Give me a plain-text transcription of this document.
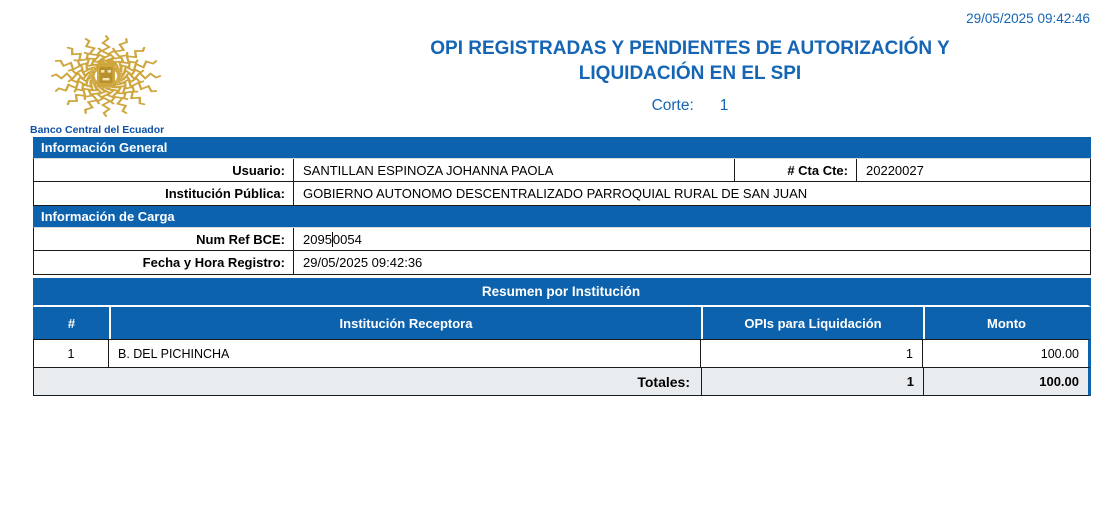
29/05/2025 09:42:46
Banco Central del Ecuador
OPI REGISTRADAS Y PENDIENTES DE AUTORIZACIÓN Y
LIQUIDACIÓN EN EL SPI
Corte: 1
Información General
Usuario:	SANTILLAN ESPINOZA JOHANNA PAOLA	# Cta Cte:	20220027
Institución Pública:	GOBIERNO AUTONOMO DESCENTRALIZADO PARROQUIAL RURAL DE SAN JUAN
Información de Carga
Num Ref BCE:	2095 0054
Fecha y Hora Registro:	29/05/2025 09:42:36
Resumen por Institución
#	Institución Receptora	OPIs para Liquidación	Monto
1	B. DEL PICHINCHA	1	100.00
Totales:	1	100.00
